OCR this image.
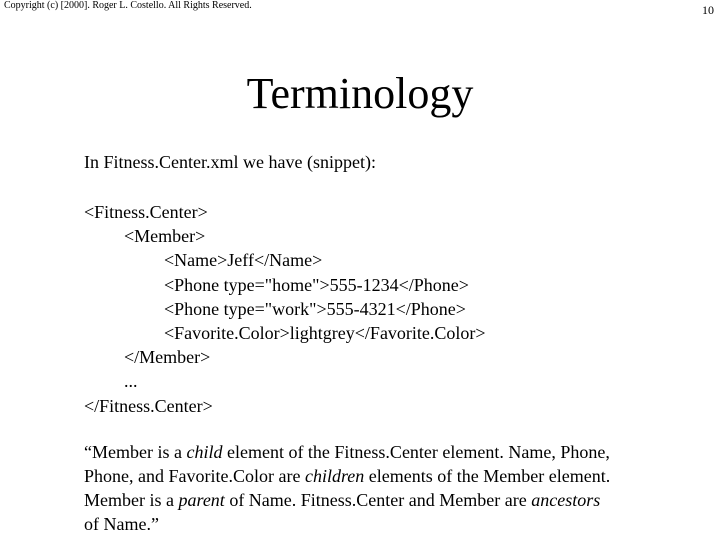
Copyright (c) [2000]. Roger L. Costello. All Rights Reserved.	10
Terminology
In Fitness.Center.xml we have (snippet):
<Fitness.Center>
<Member>
<Name>Jeff</Name>
<Phone type="home">555-1234</Phone>
<Phone type="work">555-4321</Phone>
<Favorite.Color>lightgrey</Favorite.Color>
</Member>
...
</Fitness.Center>
“Member is a child element of the Fitness.Center element. Name, Phone,
Phone, and Favorite.Color are children elements of the Member element.
Member is a parent of Name. Fitness.Center and Member are ancestors
of Name.”
